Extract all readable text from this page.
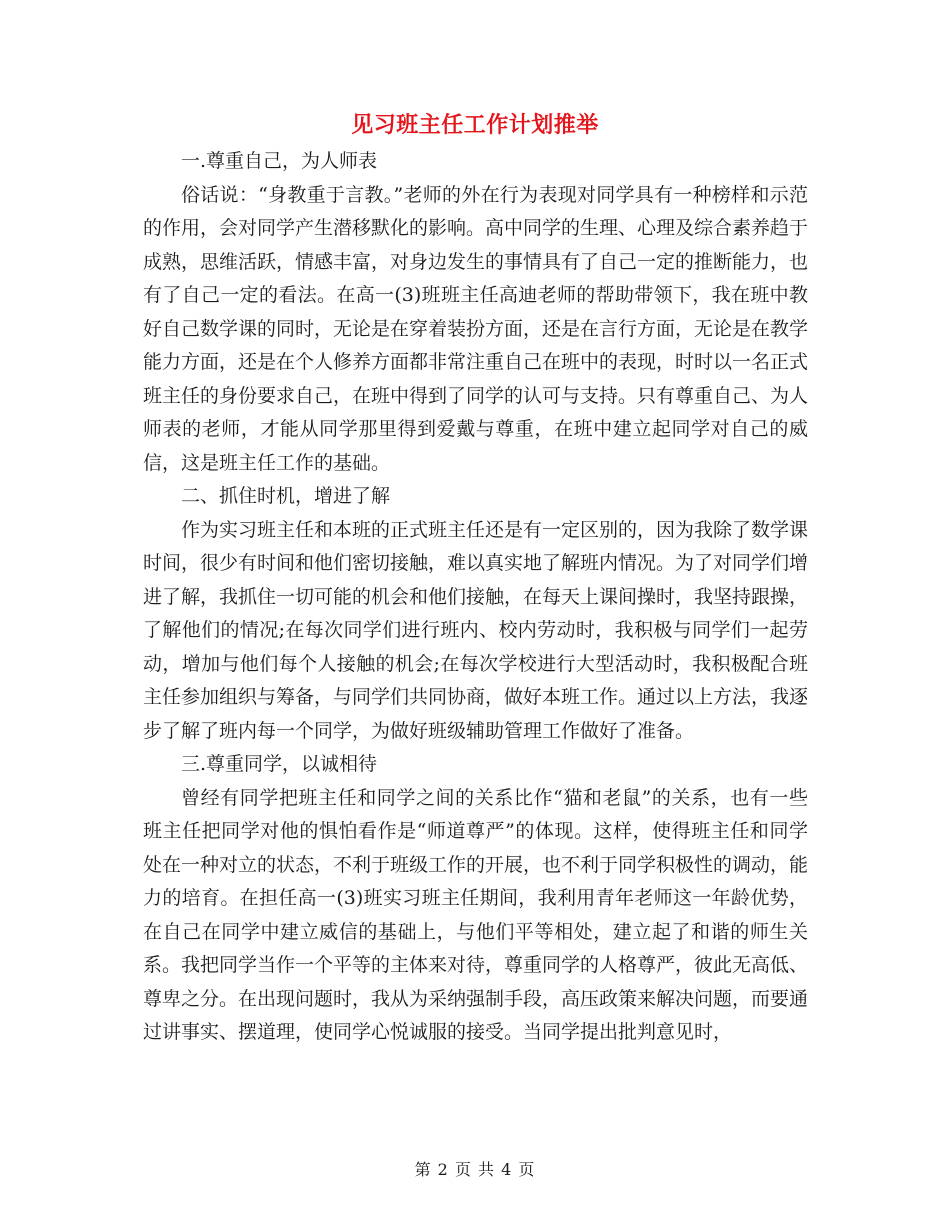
见习班主任工作计划推举

一.尊重自己，为人师表

俗话说：“身教重于言教。”老师的外在行为表现对同学具有一种榜样和示范的作用，会对同学产生潜移默化的影响。高中同学的生理、心理及综合素养趋于成熟，思维活跃，情感丰富，对身边发生的事情具有了自己一定的推断能力，也有了自己一定的看法。在高一(3)班班主任高迪老师的帮助带领下，我在班中教好自己数学课的同时，无论是在穿着装扮方面，还是在言行方面，无论是在教学能力方面，还是在个人修养方面都非常注重自己在班中的表现，时时以一名正式班主任的身份要求自己，在班中得到了同学的认可与支持。只有尊重自己、为人师表的老师，才能从同学那里得到爱戴与尊重，在班中建立起同学对自己的威信，这是班主任工作的基础。

二、抓住时机，增进了解

作为实习班主任和本班的正式班主任还是有一定区别的，因为我除了数学课时间，很少有时间和他们密切接触，难以真实地了解班内情况。为了对同学们增进了解，我抓住一切可能的机会和他们接触，在每天上课间操时，我坚持跟操，了解他们的情况;在每次同学们进行班内、校内劳动时，我积极与同学们一起劳动，增加与他们每个人接触的机会;在每次学校进行大型活动时，我积极配合班主任参加组织与筹备，与同学们共同协商，做好本班工作。通过以上方法，我逐步了解了班内每一个同学，为做好班级辅助管理工作做好了准备。

三.尊重同学，以诚相待

曾经有同学把班主任和同学之间的关系比作“猫和老鼠”的关系，也有一些班主任把同学对他的惧怕看作是“师道尊严”的体现。这样，使得班主任和同学处在一种对立的状态，不利于班级工作的开展，也不利于同学积极性的调动，能力的培育。在担任高一(3)班实习班主任期间，我利用青年老师这一年龄优势，在自己在同学中建立威信的基础上，与他们平等相处，建立起了和谐的师生关系。我把同学当作一个平等的主体来对待，尊重同学的人格尊严，彼此无高低、尊卑之分。在出现问题时，我从为采纳强制手段，高压政策来解决问题，而要通过讲事实、摆道理，使同学心悦诚服的接受。当同学提出批判意见时，

第 2 页 共 4 页
